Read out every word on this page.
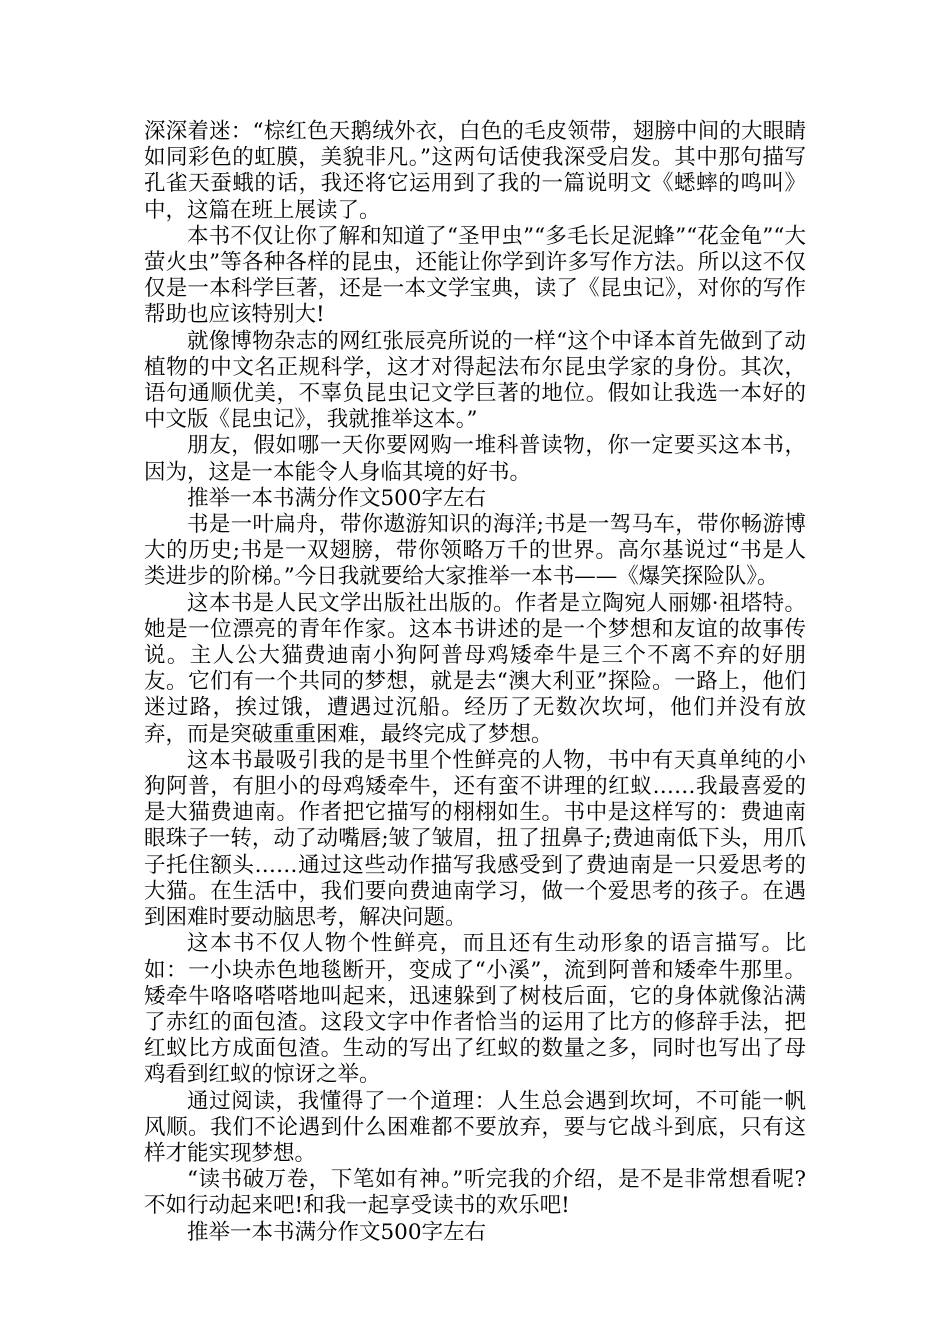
深深着迷：“棕红色天鹅绒外衣，白色的毛皮领带，翅膀中间的大眼睛如同彩色的虹膜，美貌非凡。”这两句话使我深受启发。其中那句描写孔雀天蚕蛾的话，我还将它运用到了我的一篇说明文《蟋蟀的鸣叫》中，这篇在班上展读了。

本书不仅让你了解和知道了“圣甲虫”“多毛长足泥蜂”“花金龟”“大萤火虫”等各种各样的昆虫，还能让你学到许多写作方法。所以这不仅仅是一本科学巨著，还是一本文学宝典，读了《昆虫记》，对你的写作帮助也应该特别大!

就像博物杂志的网红张辰亮所说的一样“这个中译本首先做到了动植物的中文名正规科学，这才对得起法布尔昆虫学家的身份。其次，语句通顺优美，不辜负昆虫记文学巨著的地位。假如让我选一本好的中文版《昆虫记》，我就推举这本。”

朋友，假如哪一天你要网购一堆科普读物，你一定要买这本书，因为，这是一本能令人身临其境的好书。

推举一本书满分作文500字左右

书是一叶扁舟，带你遨游知识的海洋;书是一驾马车，带你畅游博大的历史;书是一双翅膀，带你领略万千的世界。高尔基说过“书是人类进步的阶梯。”今日我就要给大家推举一本书——《爆笑探险队》。

这本书是人民文学出版社出版的。作者是立陶宛人丽娜·祖塔特。她是一位漂亮的青年作家。这本书讲述的是一个梦想和友谊的故事传说。主人公大猫费迪南小狗阿普母鸡矮牵牛是三个不离不弃的好朋友。它们有一个共同的梦想，就是去“澳大利亚”探险。一路上，他们迷过路，挨过饿，遭遇过沉船。经历了无数次坎坷，他们并没有放弃，而是突破重重困难，最终完成了梦想。

这本书最吸引我的是书里个性鲜亮的人物，书中有天真单纯的小狗阿普，有胆小的母鸡矮牵牛，还有蛮不讲理的红蚁……我最喜爱的是大猫费迪南。作者把它描写的栩栩如生。书中是这样写的：费迪南眼珠子一转，动了动嘴唇;皱了皱眉，扭了扭鼻子;费迪南低下头，用爪子托住额头……通过这些动作描写我感受到了费迪南是一只爱思考的大猫。在生活中，我们要向费迪南学习，做一个爱思考的孩子。在遇到困难时要动脑思考，解决问题。

这本书不仅人物个性鲜亮，而且还有生动形象的语言描写。比如：一小块赤色地毯断开，变成了“小溪”，流到阿普和矮牵牛那里。矮牵牛咯咯嗒嗒地叫起来，迅速躲到了树枝后面，它的身体就像沾满了赤红的面包渣。这段文字中作者恰当的运用了比方的修辞手法，把红蚁比方成面包渣。生动的写出了红蚁的数量之多，同时也写出了母鸡看到红蚁的惊讶之举。

通过阅读，我懂得了一个道理：人生总会遇到坎坷，不可能一帆风顺。我们不论遇到什么困难都不要放弃，要与它战斗到底，只有这样才能实现梦想。

“读书破万卷，下笔如有神。”听完我的介绍，是不是非常想看呢?不如行动起来吧!和我一起享受读书的欢乐吧!

推举一本书满分作文500字左右
